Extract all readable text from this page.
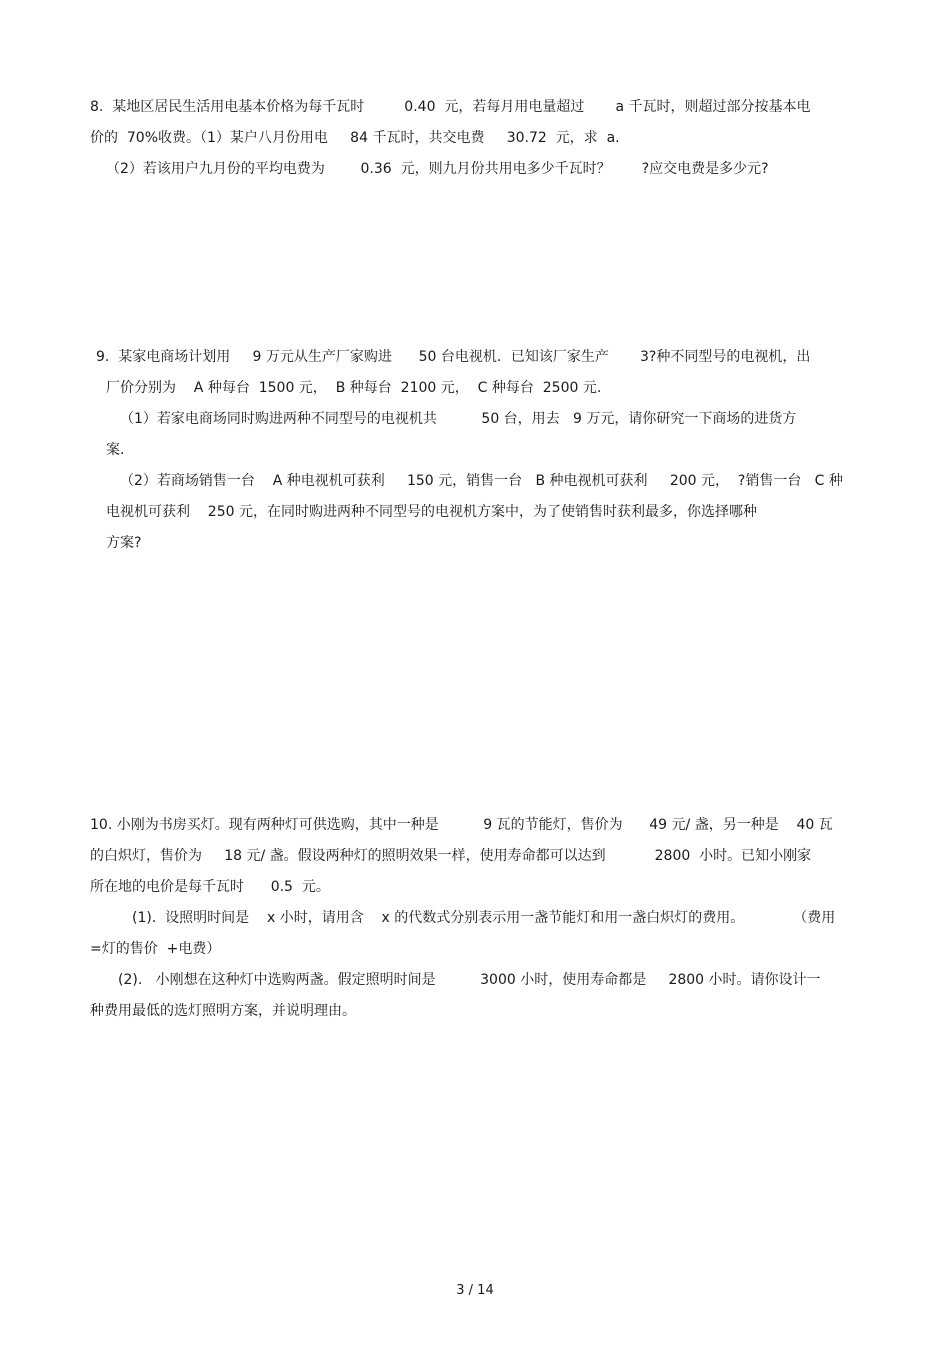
8.  某地区居民生活用电基本价格为每千瓦时         0.40  元，若每月用电量超过       a 千瓦时，则超过部分按基本电
价的  70%收费。（1）某户八月份用电     84 千瓦时，共交电费     30.72  元，求  a.
（2）若该用户九月份的平均电费为        0.36  元，则九月份共用电多少千瓦时？       ?应交电费是多少元?
9.  某家电商场计划用     9 万元从生产厂家购进      50 台电视机．已知该厂家生产       3?种不同型号的电视机，出
厂价分别为    A 种每台  1500 元，  B 种每台  2100 元，  C 种每台  2500 元.
（1）若家电商场同时购进两种不同型号的电视机共          50 台，用去   9 万元，请你研究一下商场的进货方
案.
（2）若商场销售一台    A 种电视机可获利     150 元，销售一台   B 种电视机可获利     200 元，  ?销售一台   C 种
电视机可获利    250 元，在同时购进两种不同型号的电视机方案中，为了使销售时获利最多，你选择哪种
方案?
10. 小刚为书房买灯。现有两种灯可供选购，其中一种是          9 瓦的节能灯，售价为      49 元/ 盏，另一种是    40 瓦
的白炽灯，售价为     18 元/ 盏。假设两种灯的照明效果一样，使用寿命都可以达到           2800  小时。已知小刚家
所在地的电价是每千瓦时      0.5  元。
(1).  设照明时间是    x 小时，请用含    x 的代数式分别表示用一盏节能灯和用一盏白炽灯的费用。           （费用
=灯的售价  +电费）
(2).   小刚想在这种灯中选购两盏。假定照明时间是          3000 小时，使用寿命都是     2800 小时。请你设计一
种费用最低的选灯照明方案，并说明理由。
3 / 14
